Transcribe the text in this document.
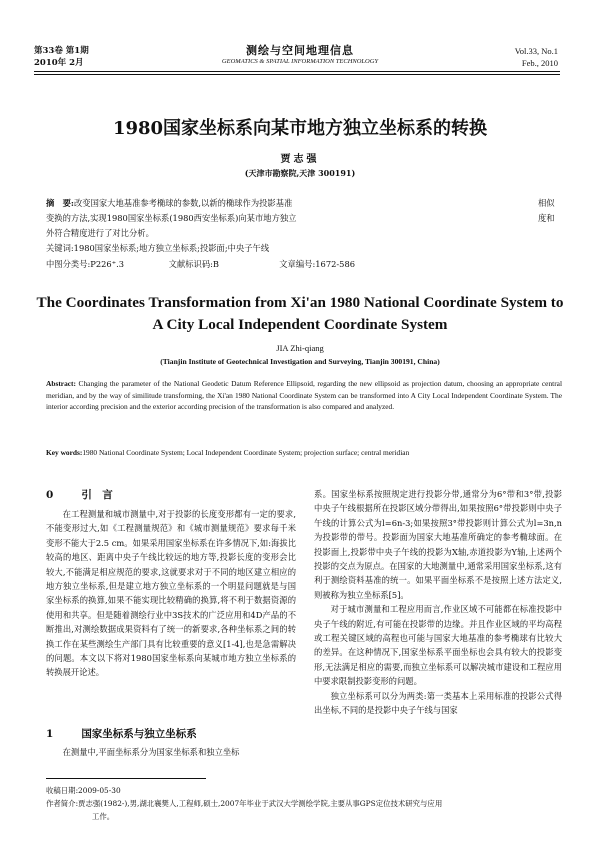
第33卷 第1期
2010年 2月
测绘与空间地理信息
GEOMATICS & SPATIAL INFORMATION TECHNOLOGY
Vol.33, No.1
Feb., 2010
1980国家坐标系向某市地方独立坐标系的转换
贾志强
(天津市勘察院,天津 300191)
摘　要:改变国家大地基准参考椭球的参数,以新的椭球作为投影基准
变换的方法,实现1980国家坐标系(1980西安坐标系)向某市地方独立
外符合精度进行了对比分析。
相似
度和
关键词:1980国家坐标系;地方独立坐标系;投影面;中央子午线
中图分类号:P226⁺.3	文献标识码:B	文章编号:1672-586
The Coordinates Transformation from Xi'an 1980 National Coordinate System to A City Local Independent Coordinate System
JIA Zhi-qiang
(Tianjin Institute of Geotechnical Investigation and Surveying, Tianjin 300191, China)
Abstract: Changing the parameter of the National Geodetic Datum Reference Ellipsoid, regarding the new ellipsoid as projection datum, choosing an appropriate central meridian, and by the way of similitude transforming, the Xi'an 1980 National Coordinate System can be transformed into A City Local Independent Coordinate System. The interior according precision and the exterior according precision of the transformation is also compared and analyzed.
Key words:1980 National Coordinate System; Local Independent Coordinate System; projection surface; central meridian
0	引　言

在工程测量和城市测量中,对于投影的长度变形都有一定的要求,不能变形过大,如《工程测量规范》和《城市测量规范》要求每千米变形不能大于2.5 cm。如果采用国家坐标系在许多情况下,如:海拔比较高的地区、距离中央子午线比较远的地方等,投影长度的变形会比较大,不能满足相应规范的要求,这就要求对于不同的地区建立相应的地方独立坐标系,但是建立地方独立坐标系的一个明显问题就是与国家坐标系的换算,如果不能实现比较精确的换算,将不利于数据资源的使用和共享。但是随着测绘行业中3S技术的广泛应用和4D产品的不断推出,对测绘数据成果资料有了统一的新要求,各种坐标系之间的转换工作在某些测绘生产部门具有比较重要的意义[1-4],也是急需解决的问题。本文以下将对1980国家坐标系向某城市地方独立坐标系的转换展开论述。

1	国家坐标系与独立坐标系

在测量中,平面坐标系分为国家坐标系和独立坐标

系。国家坐标系按照规定进行投影分带,通常分为6°带和3°带,投影中央子午线根据所在投影区域分带得出,如果按照6°带投影则中央子午线的计算公式为l=6n-3;如果按照3°带投影则计算公式为l=3n,n为投影带的带号。投影面为国家大地基准所确定的参考椭球面。在投影面上,投影带中央子午线的投影为X轴,赤道投影为Y轴,上述两个投影的交点为原点。在国家的大地测量中,通常采用国家坐标系,这有利于测绘资料基准的统一。如果平面坐标系不是按照上述方法定义,则被称为独立坐标系[5]。

对于城市测量和工程应用而言,作业区域不可能都在标准投影中央子午线的附近,有可能在投影带的边缘。并且作业区域的平均高程或工程关键区域的高程也可能与国家大地基准的参考椭球有比较大的差异。在这种情况下,国家坐标系平面坐标也会具有较大的投影变形,无法满足相应的需要,而独立坐标系可以解决城市建设和工程应用中要求限制投影变形的问题。

独立坐标系可以分为两类:第一类基本上采用标准的投影公式得出坐标,不同的是投影中央子午线与国家

收稿日期:2009-05-30
作者简介:贾志强(1982-),男,湖北襄樊人,工程师,硕士,2007年毕业于武汉大学测绘学院,主要从事GPS定位技术研究与应用
工作。
